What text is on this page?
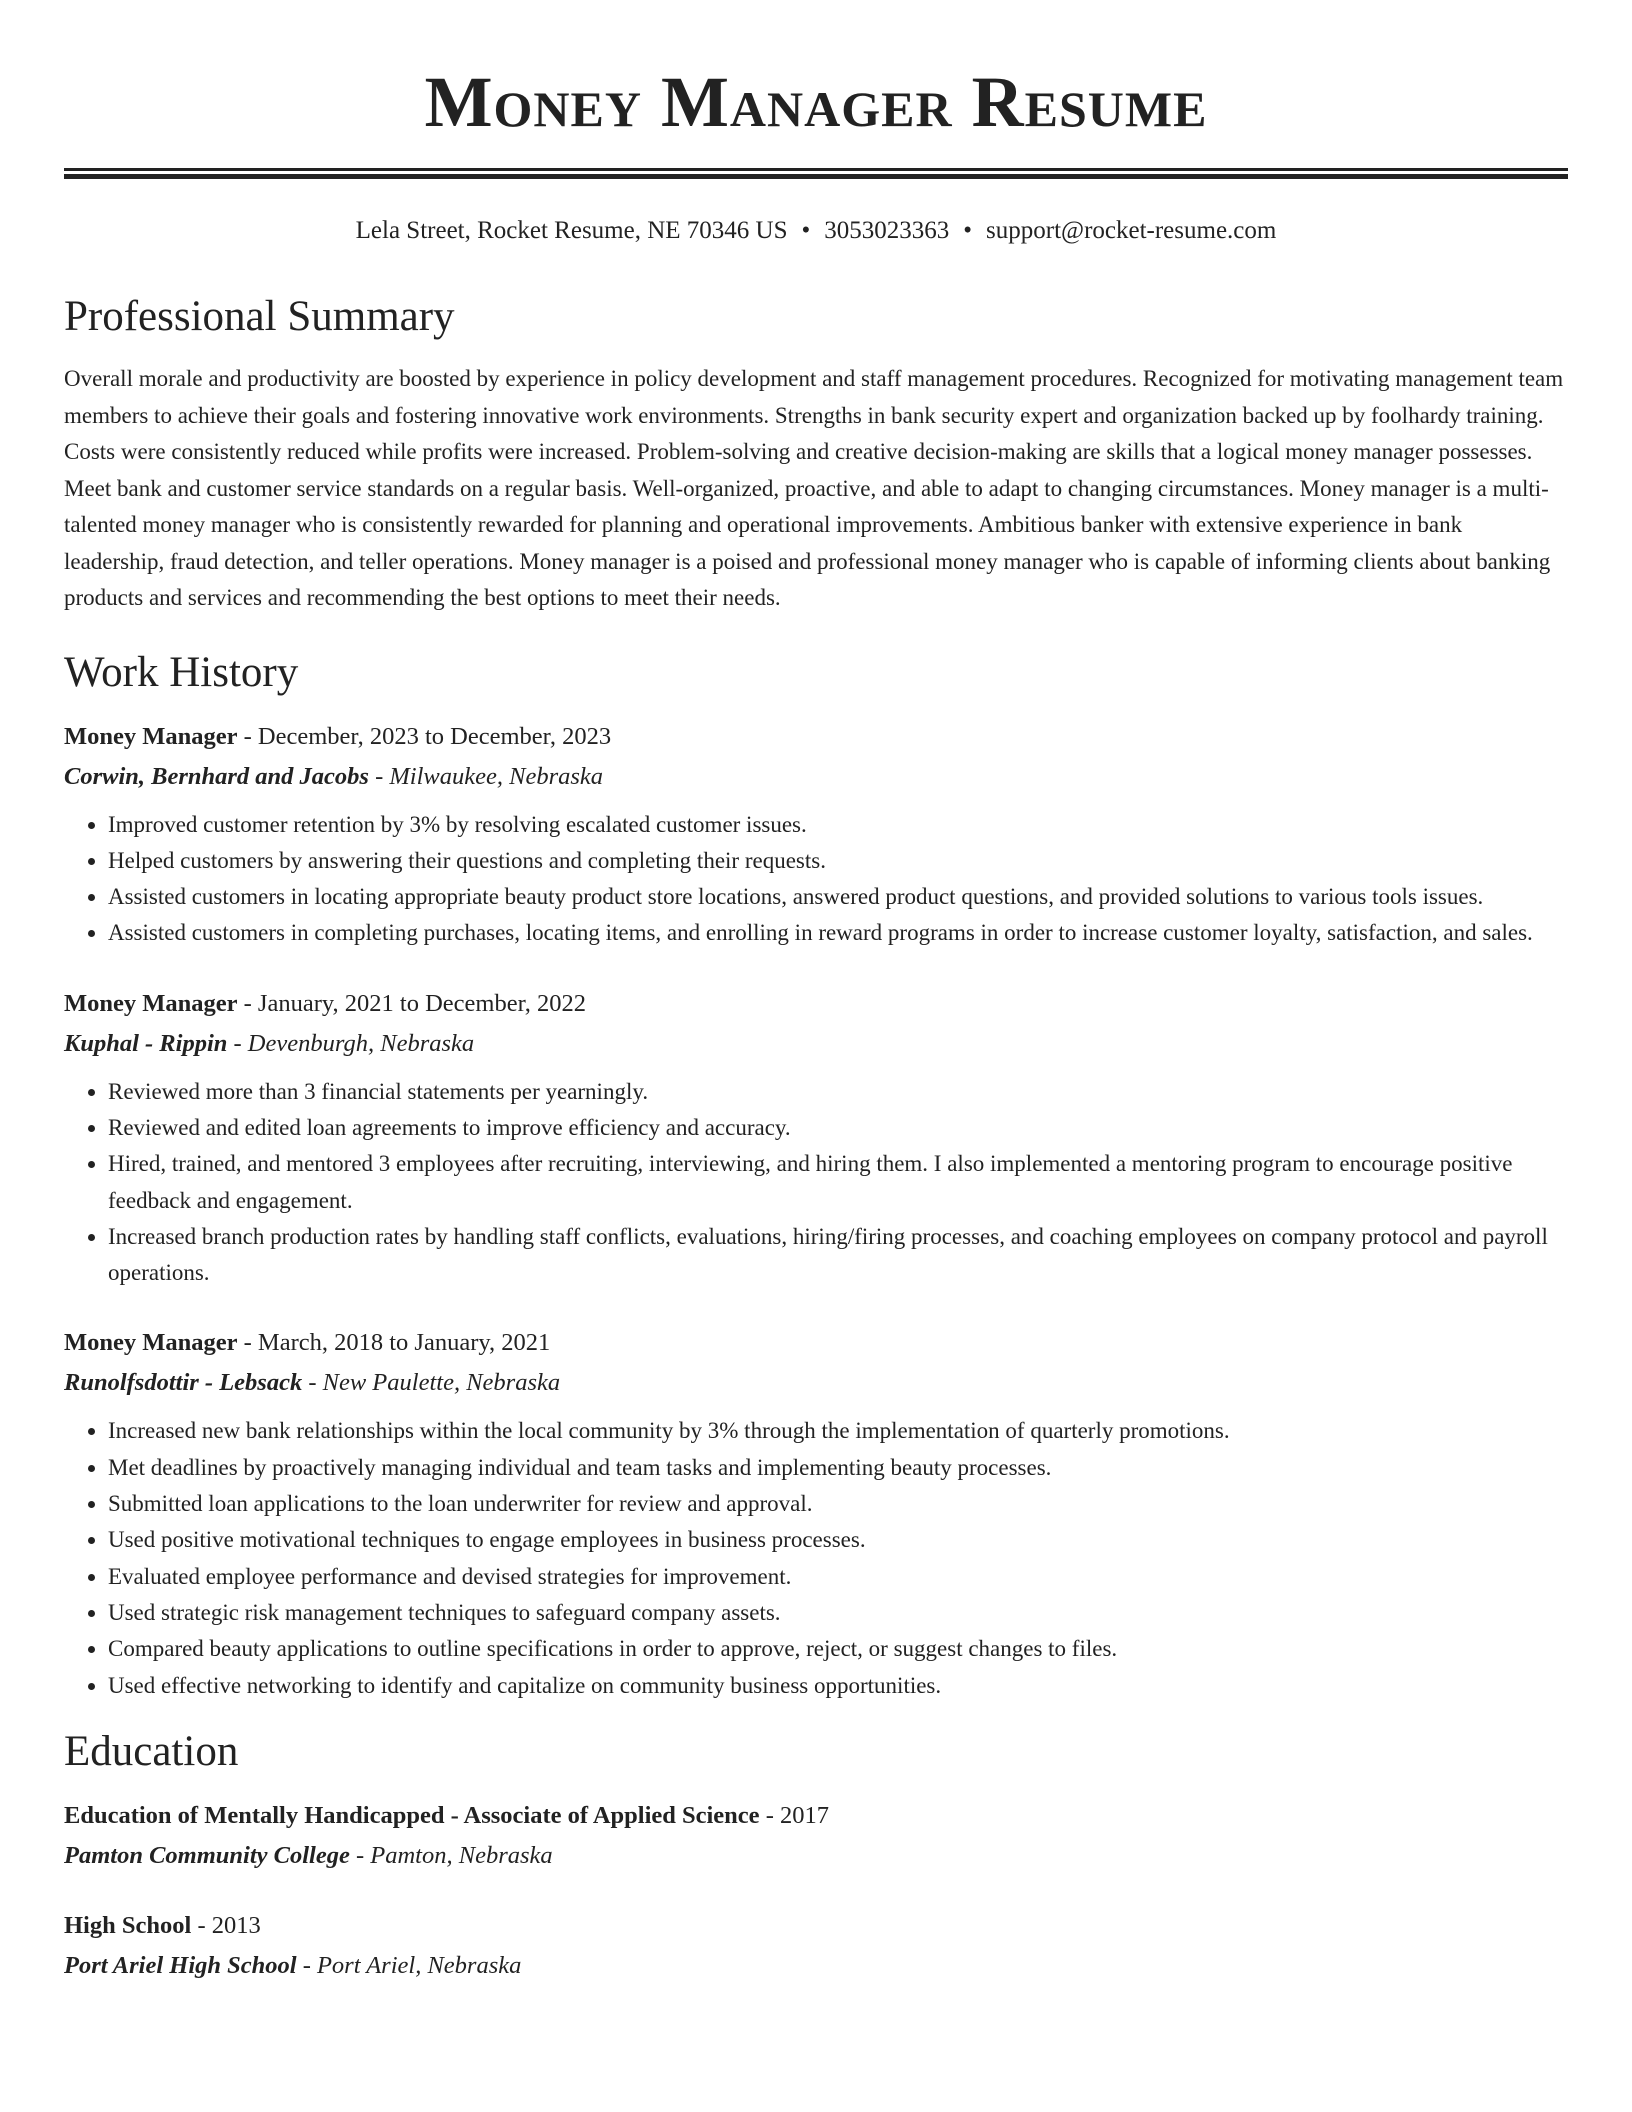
Money Manager Resume
Lela Street, Rocket Resume, NE 70346 US • 3053023363 • support@rocket-resume.com
Professional Summary

Overall morale and productivity are boosted by experience in policy development and staff management procedures. Recognized for motivating management team members to achieve their goals and fostering innovative work environments. Strengths in bank security expert and organization backed up by foolhardy training. Costs were consistently reduced while profits were increased. Problem-solving and creative decision-making are skills that a logical money manager possesses. Meet bank and customer service standards on a regular basis. Well-organized, proactive, and able to adapt to changing circumstances. Money manager is a multi-talented money manager who is consistently rewarded for planning and operational improvements. Ambitious banker with extensive experience in bank leadership, fraud detection, and teller operations. Money manager is a poised and professional money manager who is capable of informing clients about banking products and services and recommending the best options to meet their needs.

Work History
Money Manager - December, 2023 to December, 2023
Corwin, Bernhard and Jacobs - Milwaukee, Nebraska
• Improved customer retention by 3% by resolving escalated customer issues.
• Helped customers by answering their questions and completing their requests.
• Assisted customers in locating appropriate beauty product store locations, answered product questions, and provided solutions to various tools issues.
• Assisted customers in completing purchases, locating items, and enrolling in reward programs in order to increase customer loyalty, satisfaction, and sales.
Money Manager - January, 2021 to December, 2022
Kuphal - Rippin - Devenburgh, Nebraska
• Reviewed more than 3 financial statements per yearningly.
• Reviewed and edited loan agreements to improve efficiency and accuracy.
• Hired, trained, and mentored 3 employees after recruiting, interviewing, and hiring them. I also implemented a mentoring program to encourage positive feedback and engagement.
• Increased branch production rates by handling staff conflicts, evaluations, hiring/firing processes, and coaching employees on company protocol and payroll operations.
Money Manager - March, 2018 to January, 2021
Runolfsdottir - Lebsack - New Paulette, Nebraska
• Increased new bank relationships within the local community by 3% through the implementation of quarterly promotions.
• Met deadlines by proactively managing individual and team tasks and implementing beauty processes.
• Submitted loan applications to the loan underwriter for review and approval.
• Used positive motivational techniques to engage employees in business processes.
• Evaluated employee performance and devised strategies for improvement.
• Used strategic risk management techniques to safeguard company assets.
• Compared beauty applications to outline specifications in order to approve, reject, or suggest changes to files.
• Used effective networking to identify and capitalize on community business opportunities.
Education
Education of Mentally Handicapped - Associate of Applied Science - 2017
Pamton Community College - Pamton, Nebraska
High School - 2013
Port Ariel High School - Port Ariel, Nebraska
